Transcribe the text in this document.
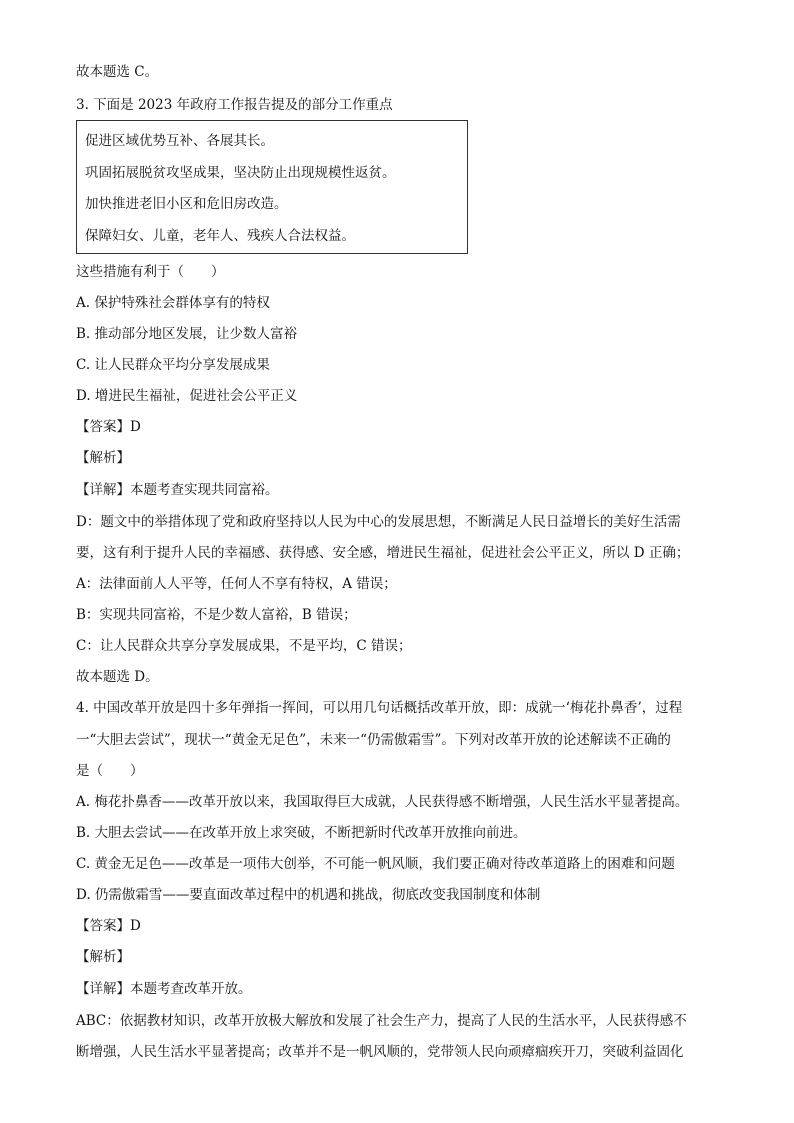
故本题选 C。
3. 下面是 2023 年政府工作报告提及的部分工作重点
促进区域优势互补、各展其长。
巩固拓展脱贫攻坚成果，坚决防止出现规模性返贫。
加快推进老旧小区和危旧房改造。
保障妇女、儿童，老年人、残疾人合法权益。
这些措施有利于（　　）
A. 保护特殊社会群体享有的特权
B. 推动部分地区发展，让少数人富裕
C. 让人民群众平均分享发展成果
D. 增进民生福祉，促进社会公平正义
【答案】D
【解析】
【详解】本题考查实现共同富裕。
D：题文中的举措体现了党和政府坚持以人民为中心的发展思想，不断满足人民日益增长的美好生活需
要，这有利于提升人民的幸福感、获得感、安全感，增进民生福祉，促进社会公平正义，所以 D 正确；
A：法律面前人人平等，任何人不享有特权，A 错误；
B：实现共同富裕，不是少数人富裕，B 错误；
C：让人民群众共享分享发展成果，不是平均，C 错误；
故本题选 D。
4. 中国改革开放是四十多年弹指一挥间，可以用几句话概括改革开放，即：成就一‘梅花扑鼻香’，过程
一“大胆去尝试”，现状一“黄金无足色”，未来一“仍需傲霜雪”。下列对改革开放的论述解读不正确的
是（　　）
A. 梅花扑鼻香——改革开放以来，我国取得巨大成就，人民获得感不断增强，人民生活水平显著提高。
B. 大胆去尝试——在改革开放上求突破，不断把新时代改革开放推向前进。
C. 黄金无足色——改革是一项伟大创举，不可能一帆风顺，我们要正确对待改革道路上的困难和问题
D. 仍需傲霜雪——要直面改革过程中的机遇和挑战，彻底改变我国制度和体制
【答案】D
【解析】
【详解】本题考查改革开放。
ABC：依据教材知识，改革开放极大解放和发展了社会生产力，提高了人民的生活水平，人民获得感不
断增强，人民生活水平显著提高；改革并不是一帆风顺的，党带领人民向顽瘴痼疾开刀，突破利益固化
